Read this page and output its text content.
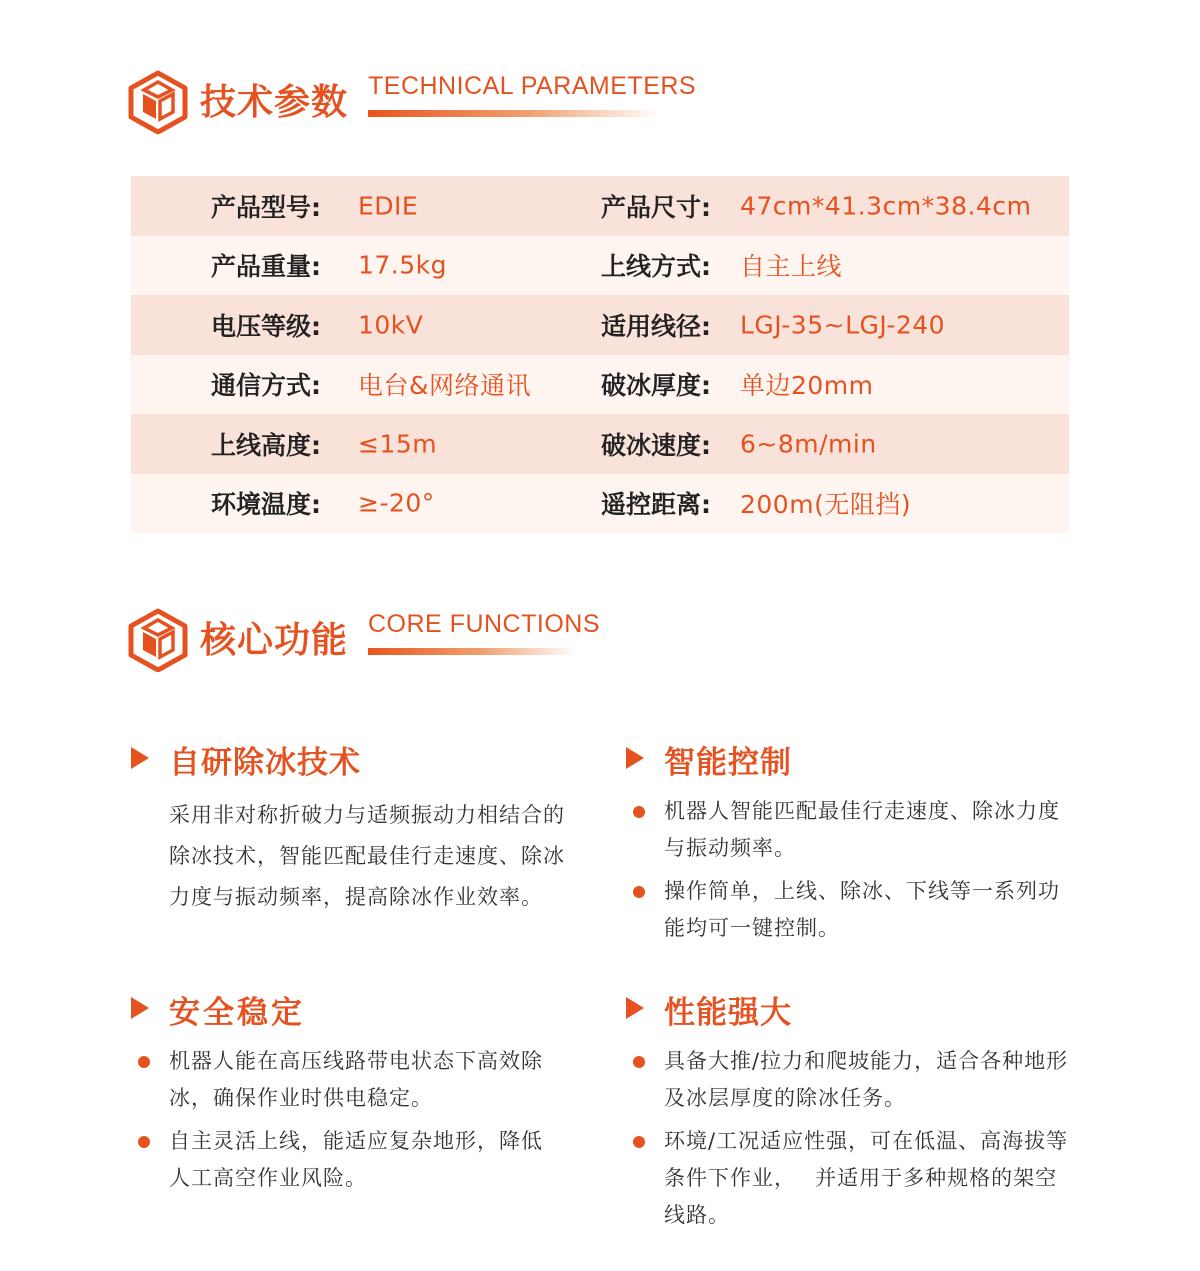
技术参数 TECHNICAL PARAMETERS
产品型号: EDIE	产品尺寸: 47cm*41.3cm*38.4cm
产品重量: 17.5kg	上线方式: 自主上线
电压等级: 10kV	适用线径: LGJ-35~LGJ-240
通信方式: 电台&网络通讯	破冰厚度: 单边20mm
上线高度: ≤15m	破冰速度: 6~8m/min
环境温度: ≥-20°	遥控距离: 200m(无阻挡)
核心功能 CORE FUNCTIONS
自研除冰技术
采用非对称折破力与适频振动力相结合的除冰技术，智能匹配最佳行走速度、除冰力度与振动频率，提高除冰作业效率。
智能控制
机器人智能匹配最佳行走速度、除冰力度与振动频率。
操作简单，上线、除冰、下线等一系列功能均可一键控制。
安全稳定
机器人能在高压线路带电状态下高效除冰，确保作业时供电稳定。
自主灵活上线，能适应复杂地形，降低人工高空作业风险。
性能强大
具备大推/拉力和爬坡能力，适合各种地形及冰层厚度的除冰任务。
环境/工况适应性强，可在低温、高海拔等条件下作业，　 并适用于多种规格的架空线路。
